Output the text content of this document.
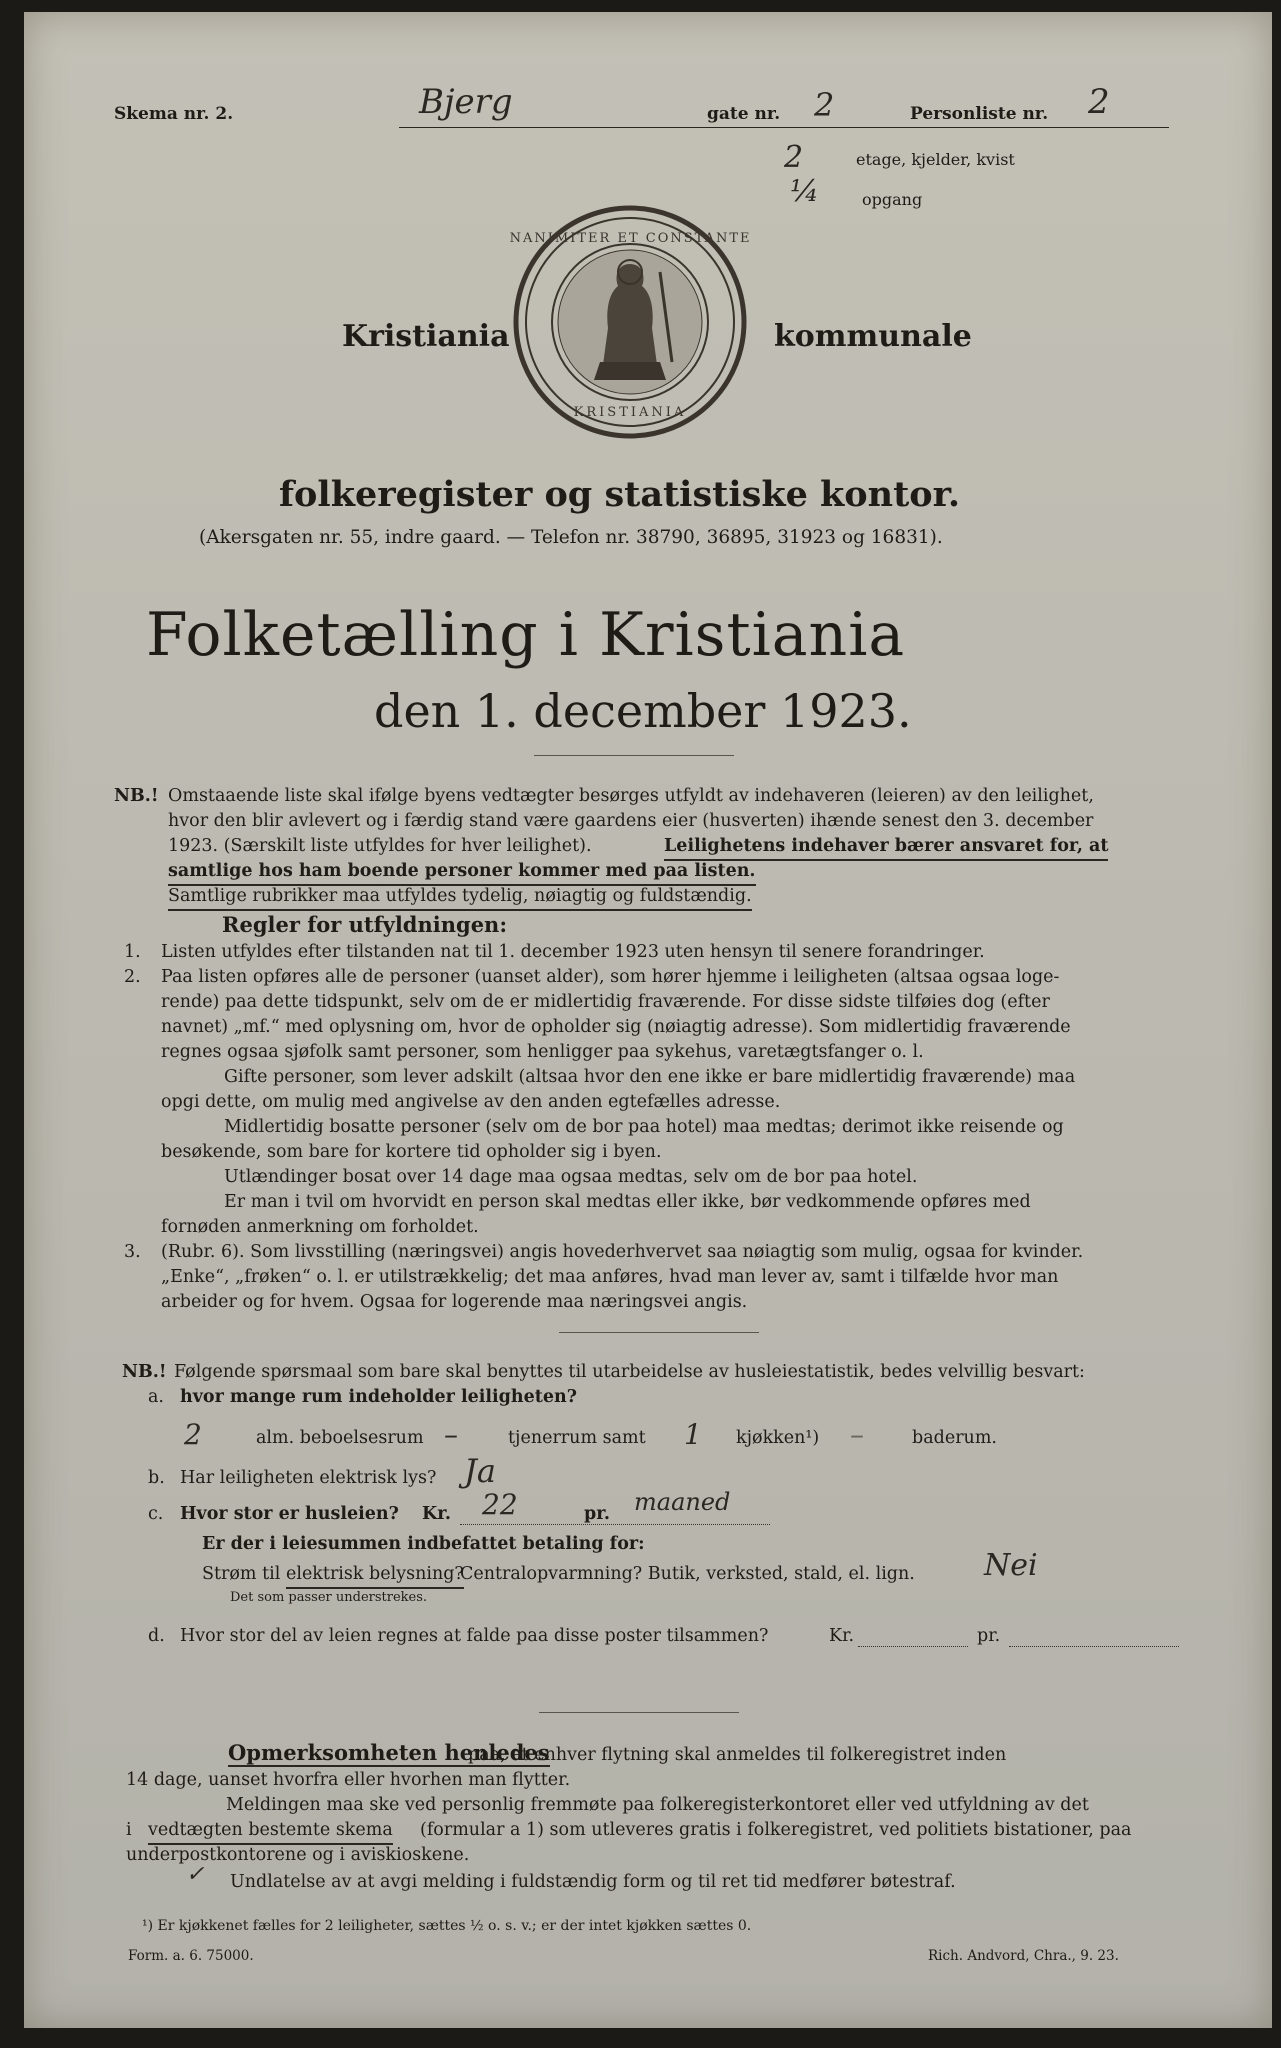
Skema nr. 2.	Bjerg	gate nr. 2	Personliste nr. 2
2	etage, kjelder, kvist
¼	opgang
UNANIMITER ET CONSTANTER
KRISTIANIA
Kristiania	kommunale
folkeregister og statistiske kontor.
(Akersgaten nr. 55, indre gaard. — Telefon nr. 38790, 36895, 31923 og 16831).
Folketælling i Kristiania
den 1. december 1923.
NB.! Omstaaende liste skal ifølge byens vedtægter besørges utfyldt av indehaveren (leieren) av den leilighet,
hvor den blir avlevert og i færdig stand være gaardens eier (husverten) ihænde senest den 3. december
1923. (Særskilt liste utfyldes for hver leilighet).	Leilighetens indehaver bærer ansvaret for, at
samtlige hos ham boende personer kommer med paa listen.
Samtlige rubrikker maa utfyldes tydelig, nøiagtig og fuldstændig.
Regler for utfyldningen:
1. Listen utfyldes efter tilstanden nat til 1. december 1923 uten hensyn til senere forandringer.
2. Paa listen opføres alle de personer (uanset alder), som hører hjemme i leiligheten (altsaa ogsaa loge-
rende) paa dette tidspunkt, selv om de er midlertidig fraværende. For disse sidste tilføies dog (efter
navnet) „mf.“ med oplysning om, hvor de opholder sig (nøiagtig adresse). Som midlertidig fraværende
regnes ogsaa sjøfolk samt personer, som henligger paa sykehus, varetægtsfanger o. l.
Gifte personer, som lever adskilt (altsaa hvor den ene ikke er bare midlertidig fraværende) maa
opgi dette, om mulig med angivelse av den anden egtefælles adresse.
Midlertidig bosatte personer (selv om de bor paa hotel) maa medtas; derimot ikke reisende og
besøkende, som bare for kortere tid opholder sig i byen.
Utlændinger bosat over 14 dage maa ogsaa medtas, selv om de bor paa hotel.
Er man i tvil om hvorvidt en person skal medtas eller ikke, bør vedkommende opføres med
fornøden anmerkning om forholdet.
3. (Rubr. 6). Som livsstilling (næringsvei) angis hovederhvervet saa nøiagtig som mulig, ogsaa for kvinder.
„Enke“, „frøken“ o. l. er utilstrækkelig; det maa anføres, hvad man lever av, samt i tilfælde hvor man
arbeider og for hvem. Ogsaa for logerende maa næringsvei angis.
NB.! Følgende spørsmaal som bare skal benyttes til utarbeidelse av husleiestatistik, bedes velvillig besvart:
a. hvor mange rum indeholder leiligheten?
2	alm. beboelsesrum –	tjenerrum samt 1 kjøkken¹) –	baderum.
b. Har leiligheten elektrisk lys? Ja
c. Hvor stor er husleien? Kr. 22	pr. maaned
Er der i leiesummen indbefattet betaling for:
Strøm til elektrisk belysning?
Centralopvarmning? Butik, verksted, stald, el. lign. Nei
Det som passer understrekes.
d. Hvor stor del av leien regnes at falde paa disse poster tilsammen?	Kr.	pr.
Opmerksomheten henledes
paa, at enhver flytning skal anmeldes til folkeregistret inden
14 dage, uanset hvorfra eller hvorhen man flytter.
Meldingen maa ske ved personlig fremmøte paa folkeregisterkontoret eller ved utfyldning av det
i vedtægten bestemte skema (formular a 1) som utleveres gratis i folkeregistret, ved politiets bistationer, paa
underpostkontorene og i aviskioskene.
✓ Undlatelse av at avgi melding i fuldstændig form og til ret tid medfører bøtestraf.
¹) Er kjøkkenet fælles for 2 leiligheter, sættes ½ o. s. v.; er der intet kjøkken sættes 0.
Form. a. 6. 75000.	Rich. Andvord, Chra., 9. 23.
